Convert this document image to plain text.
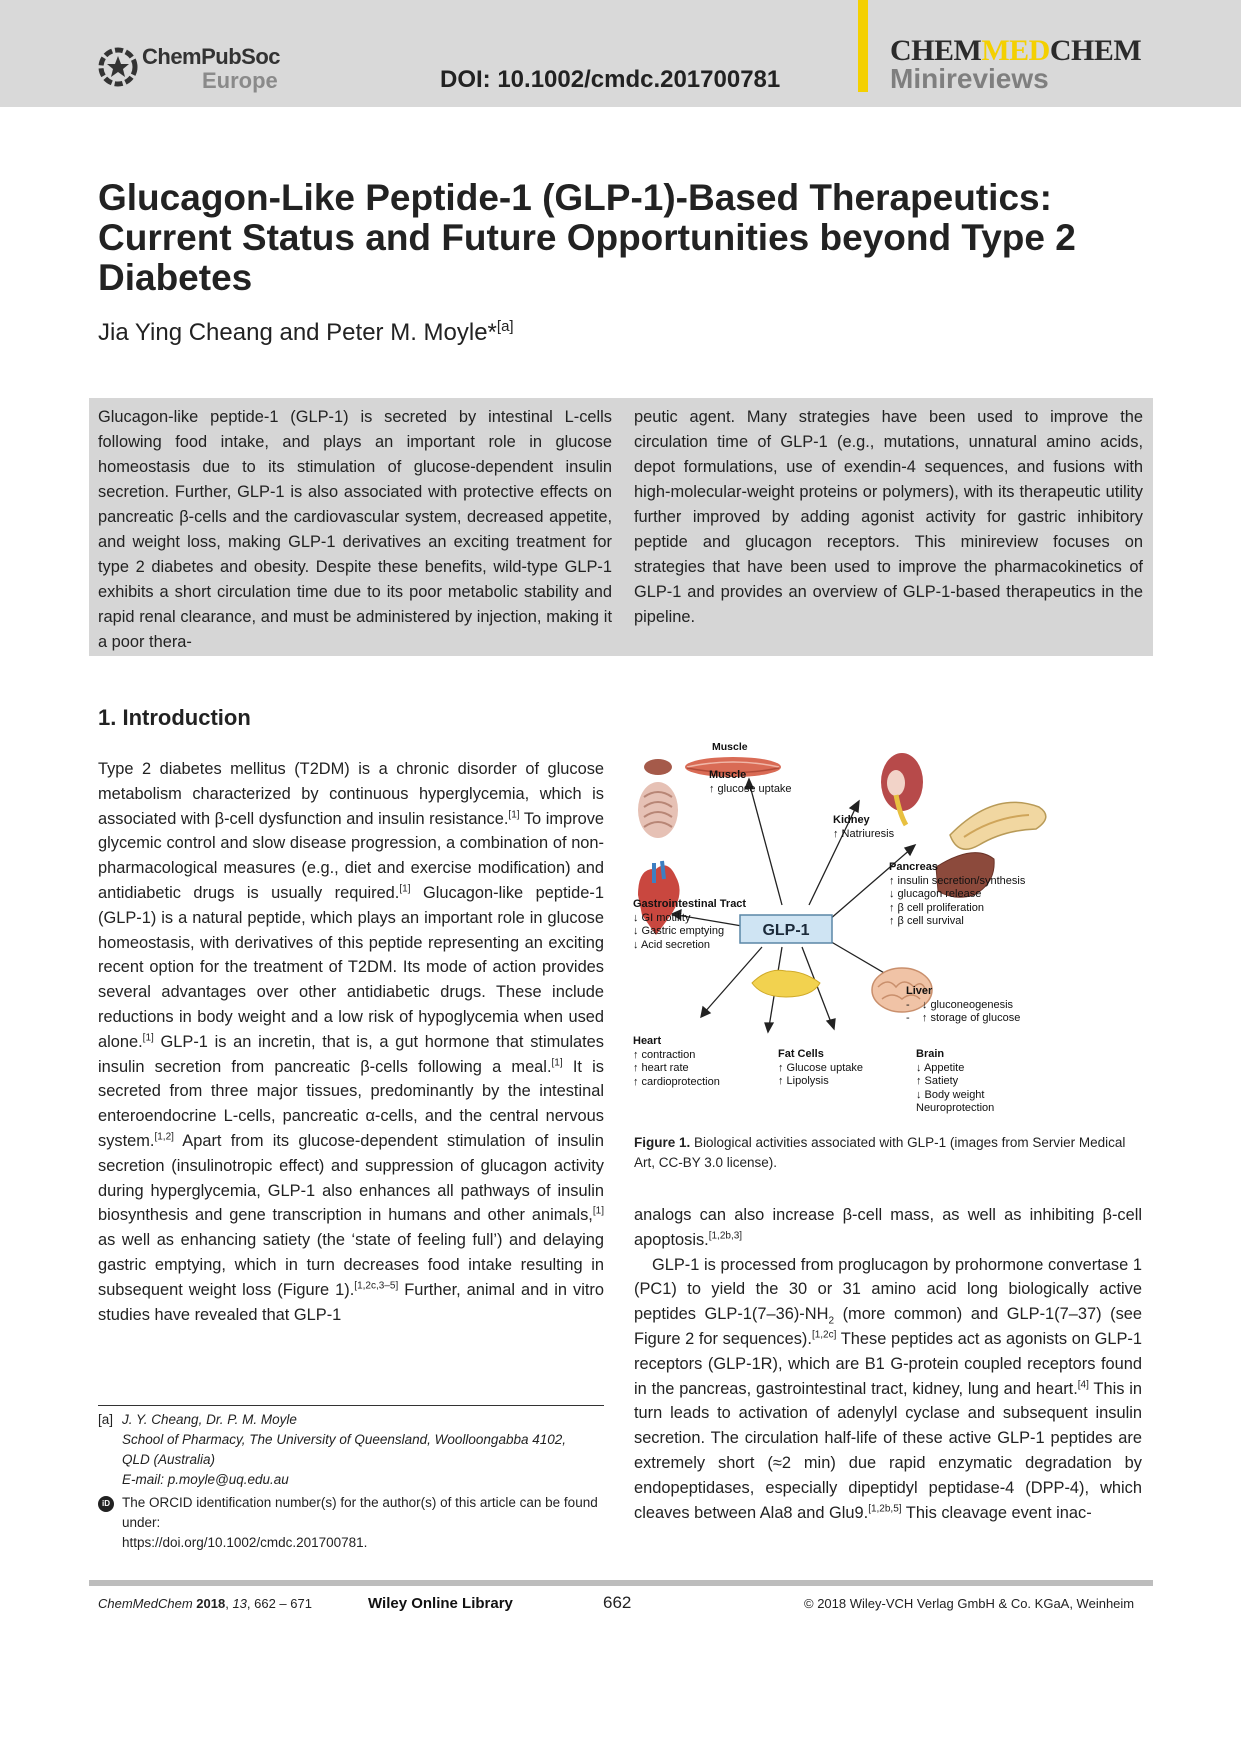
ChemPubSoc
Europe	DOI: 10.1002/cmdc.201700781
CHEMMEDCHEM
Minireviews
Glucagon-Like Peptide-1 (GLP-1)-Based Therapeutics: Current Status and Future Opportunities beyond Type 2 Diabetes
Jia Ying Cheang and Peter M. Moyle*[a]
Glucagon-like peptide-1 (GLP-1) is secreted by intestinal L-cells following food intake, and plays an important role in glucose homeostasis due to its stimulation of glucose-dependent insulin secretion. Further, GLP-1 is also associated with protective effects on pancreatic β-cells and the cardiovascular system, decreased appetite, and weight loss, making GLP-1 derivatives an exciting treatment for type 2 diabetes and obesity. Despite these benefits, wild-type GLP-1 exhibits a short circulation time due to its poor metabolic stability and rapid renal clearance, and must be administered by injection, making it a poor thera-
peutic agent. Many strategies have been used to improve the circulation time of GLP-1 (e.g., mutations, unnatural amino acids, depot formulations, use of exendin-4 sequences, and fusions with high-molecular-weight proteins or polymers), with its therapeutic utility further improved by adding agonist activity for gastric inhibitory peptide and glucagon receptors. This minireview focuses on strategies that have been used to improve the pharmacokinetics of GLP-1 and provides an overview of GLP-1-based therapeutics in the pipeline.
1. Introduction

Type 2 diabetes mellitus (T2DM) is a chronic disorder of glucose metabolism characterized by continuous hyperglycemia, which is associated with β-cell dysfunction and insulin resistance.[1] To improve glycemic control and slow disease progression, a combination of non-pharmacological measures (e.g., diet and exercise modification) and antidiabetic drugs is usually required.[1] Glucagon-like peptide-1 (GLP-1) is a natural peptide, which plays an important role in glucose homeostasis, with derivatives of this peptide representing an exciting recent option for the treatment of T2DM. Its mode of action provides several advantages over other antidiabetic drugs. These include reductions in body weight and a low risk of hypoglycemia when used alone.[1] GLP-1 is an incretin, that is, a gut hormone that stimulates insulin secretion from pancreatic β-cells following a meal.[1] It is secreted from three major tissues, predominantly by the intestinal enteroendocrine L-cells, pancreatic α-cells, and the central nervous system.[1,2] Apart from its glucose-dependent stimulation of insulin secretion (insulinotropic effect) and suppression of glucagon activity during hyperglycemia, GLP-1 also enhances all pathways of insulin biosynthesis and gene transcription in humans and other animals,[1] as well as enhancing satiety (the ‘state of feeling full’) and delaying gastric emptying, which in turn decreases food intake resulting in subsequent weight loss (Figure 1).[1,2c,3–5] Further, animal and in vitro studies have revealed that GLP-1

GLP-1
Muscle
Muscle
↑ glucose uptake
Kidney
↑ Natriuresis
Pancreas
↑ insulin secretion/synthesis
↓ glucagon release
↑ β cell proliferation
↑ β cell survival
Gastrointestinal Tract
↓ GI motility
↓ Gastric emptying
↓ Acid secretion
Liver
-    ↓ gluconeogenesis
-    ↑ storage of glucose
Heart
↑ contraction
↑ heart rate
↑ cardioprotection
Fat Cells
↑ Glucose uptake
↑ Lipolysis
Brain
↓ Appetite
↑ Satiety
↓ Body weight
Neuroprotection
Figure 1. Biological activities associated with GLP-1 (images from Servier Medical Art, CC-BY 3.0 license).

analogs can also increase β-cell mass, as well as inhibiting β-cell apoptosis.[1,2b,3]

GLP-1 is processed from proglucagon by prohormone convertase 1 (PC1) to yield the 30 or 31 amino acid long biologically active peptides GLP-$1(7-36)-NH_2$ (more common) and GLP-1(7–37) (see Figure 2 for sequences).[1,2c] These peptides act as agonists on GLP-1 receptors (GLP-1R), which are B1 G-protein coupled receptors found in the pancreas, gastrointestinal tract, kidney, lung and heart.[4] This in turn leads to activation of adenylyl cyclase and subsequent insulin secretion. The circulation half-life of these active GLP-1 peptides are extremely short (≈2 min) due rapid enzymatic degradation by endopeptidases, especially dipeptidyl peptidase-4 (DPP-4), which cleaves between Ala8 and Glu9.[1,2b,5] This cleavage event inac-

[a] J. Y. Cheang, Dr. P. M. Moyle
School of Pharmacy, The University of Queensland, Woolloongabba 4102,
QLD (Australia)
E-mail: p.moyle@uq.edu.au
iD The ORCID identification number(s) for the author(s) of this article can be found under:
https://doi.org/10.1002/cmdc.201700781.
ChemMedChem 2018, 13, 662 – 671	Wiley Online Library	662	© 2018 Wiley-VCH Verlag GmbH & Co. KGaA, Weinheim
